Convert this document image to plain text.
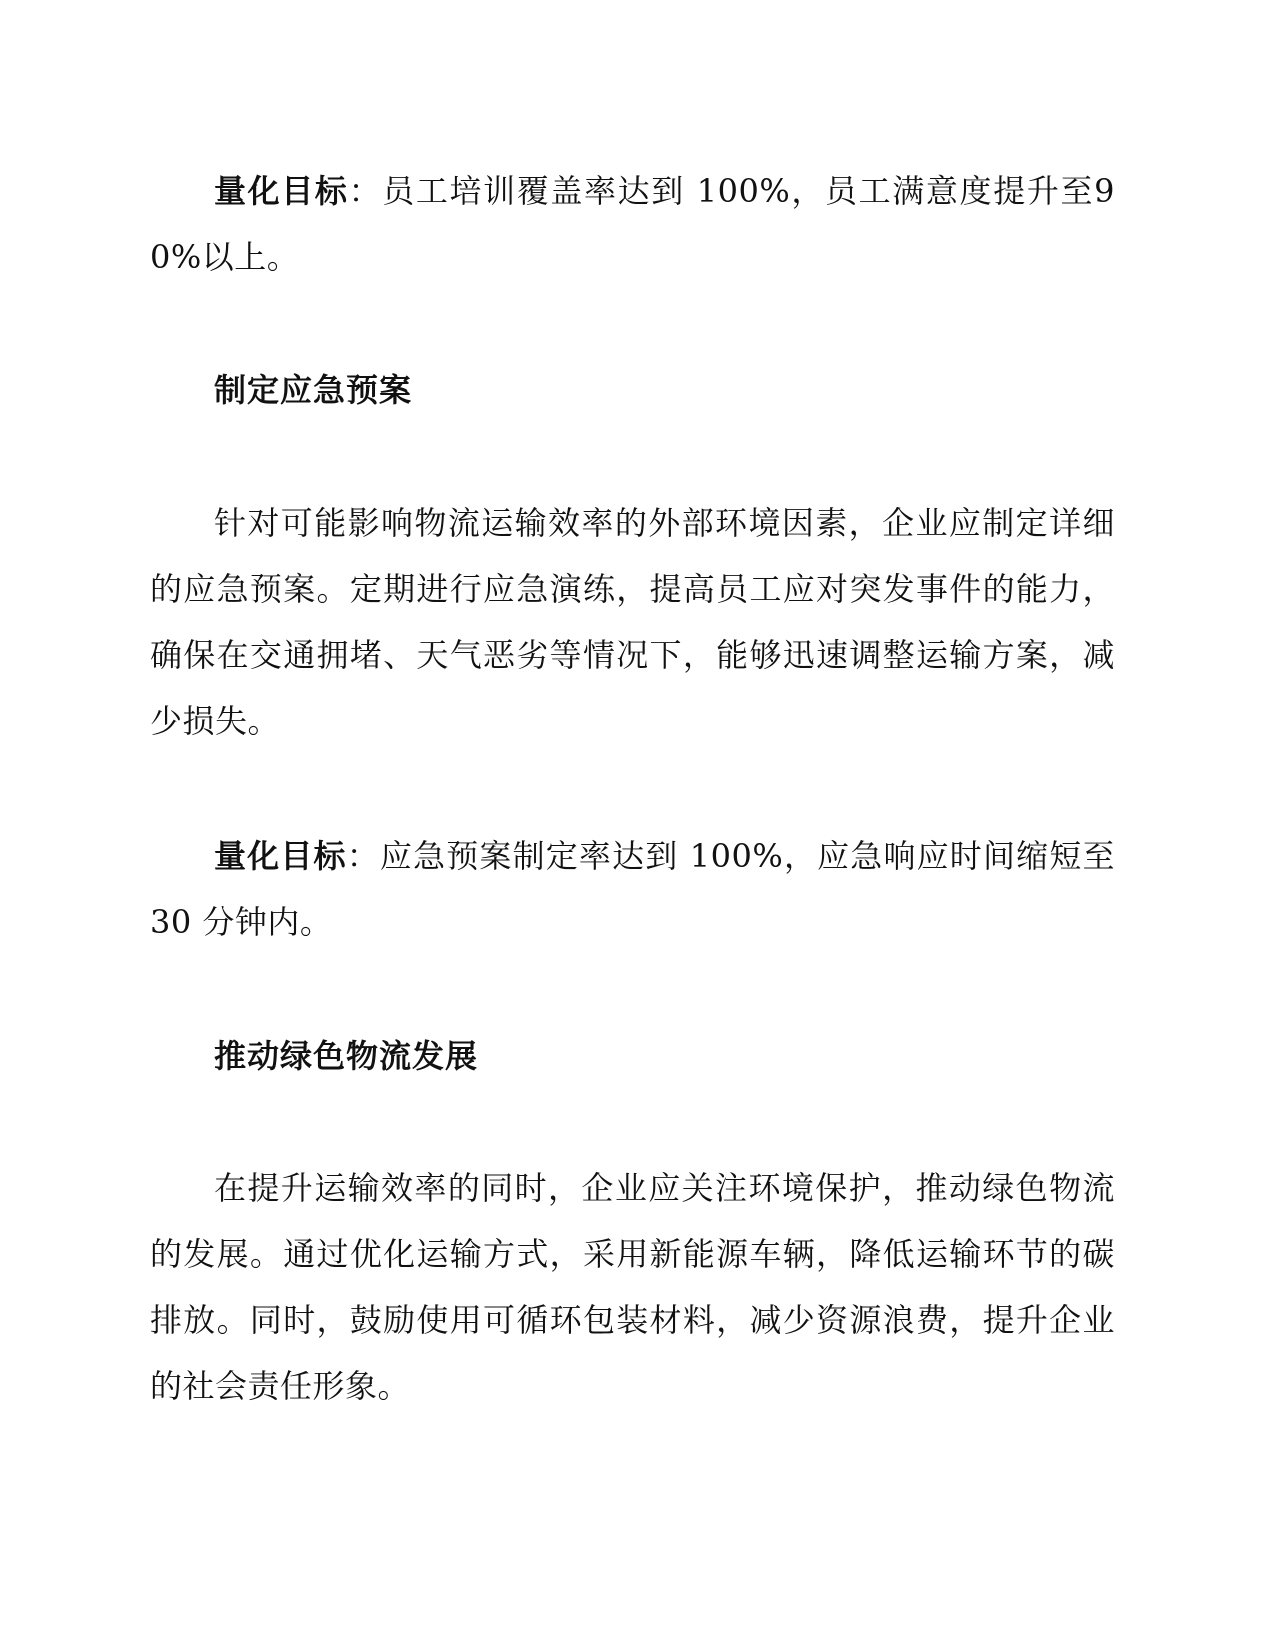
量化目标：员工培训覆盖率达到 100%，员工满意度提升至90%以上。
制定应急预案
针对可能影响物流运输效率的外部环境因素，企业应制定详细的应急预案。定期进行应急演练，提高员工应对突发事件的能力，确保在交通拥堵、天气恶劣等情况下，能够迅速调整运输方案，减少损失。
量化目标：应急预案制定率达到 100%，应急响应时间缩短至30 分钟内。
推动绿色物流发展
在提升运输效率的同时，企业应关注环境保护，推动绿色物流的发展。通过优化运输方式，采用新能源车辆，降低运输环节的碳排放。同时，鼓励使用可循环包装材料，减少资源浪费，提升企业的社会责任形象。
